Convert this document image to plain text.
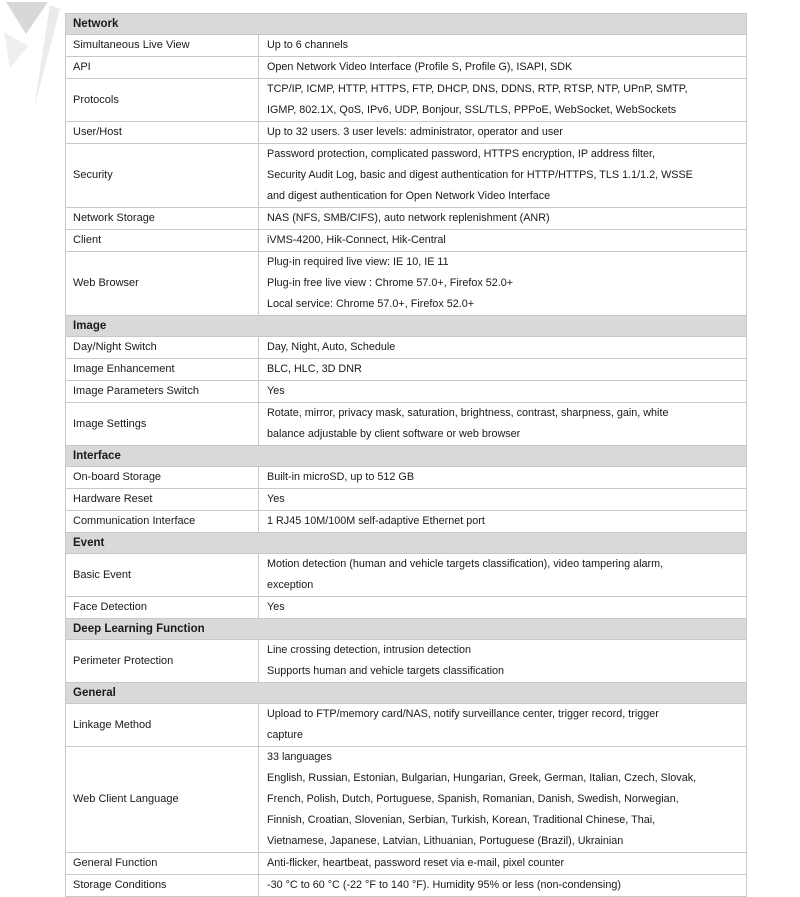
Network	
Simultaneous Live View	Up to 6 channels

API	Open Network Video Interface (Profile S, Profile G), ISAPI, SDK

Protocols	TCP/IP, ICMP, HTTP, HTTPS, FTP, DHCP, DNS, DDNS, RTP, RTSP, NTP, UPnP, SMTP,
IGMP, 802.1X, QoS, IPv6, UDP, Bonjour, SSL/TLS, PPPoE, WebSocket, WebSockets

User/Host	Up to 32 users. 3 user levels: administrator, operator and user

Security	Password protection, complicated password, HTTPS encryption, IP address filter,
Security Audit Log, basic and digest authentication for HTTP/HTTPS, TLS 1.1/1.2, WSSE
and digest authentication for Open Network Video Interface

Network Storage	NAS (NFS, SMB/CIFS), auto network replenishment (ANR)

Client	iVMS-4200, Hik-Connect, Hik-Central

Web Browser	Plug-in required live view: IE 10, IE 11
Plug-in free live view : Chrome 57.0+, Firefox 52.0+
Local service: Chrome 57.0+, Firefox 52.0+

Image	
Day/Night Switch	Day, Night, Auto, Schedule

Image Enhancement	BLC, HLC, 3D DNR

Image Parameters Switch	Yes

Image Settings	Rotate, mirror, privacy mask, saturation, brightness, contrast, sharpness, gain, white
balance adjustable by client software or web browser

Interface	
On-board Storage	Built-in microSD, up to 512 GB

Hardware Reset	Yes

Communication Interface	1 RJ45 10M/100M self-adaptive Ethernet port

Event	
Basic Event	Motion detection (human and vehicle targets classification), video tampering alarm,
exception

Face Detection	Yes

Deep Learning Function	
Perimeter Protection	Line crossing detection, intrusion detection
Supports human and vehicle targets classification

General	
Linkage Method	Upload to FTP/memory card/NAS, notify surveillance center, trigger record, trigger
capture

Web Client Language	33 languages
English, Russian, Estonian, Bulgarian, Hungarian, Greek, German, Italian, Czech, Slovak,
French, Polish, Dutch, Portuguese, Spanish, Romanian, Danish, Swedish, Norwegian,
Finnish, Croatian, Slovenian, Serbian, Turkish, Korean, Traditional Chinese, Thai,
Vietnamese, Japanese, Latvian, Lithuanian, Portuguese (Brazil), Ukrainian

General Function	Anti-flicker, heartbeat, password reset via e-mail, pixel counter

Storage Conditions	-30 °C to 60 °C (-22 °F to 140 °F). Humidity 95% or less (non-condensing)
